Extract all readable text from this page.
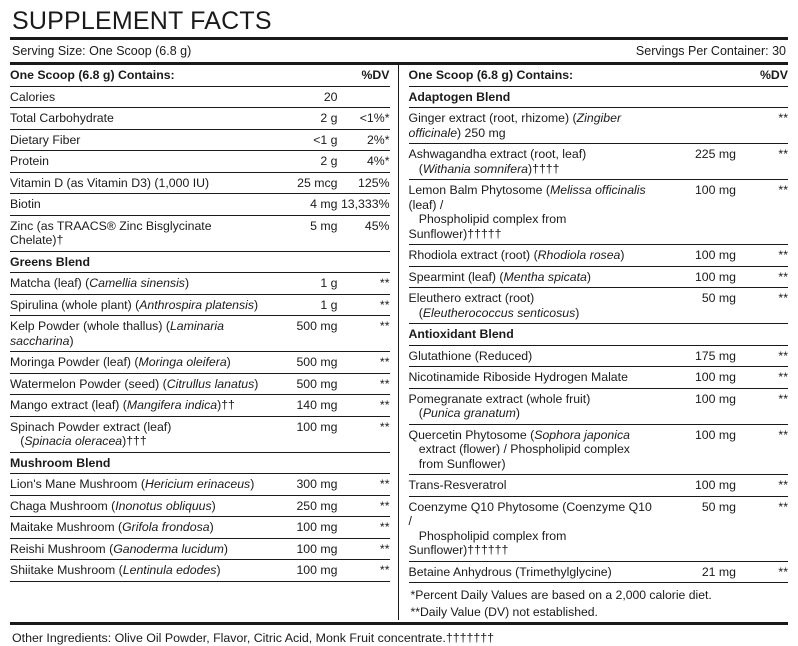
SUPPLEMENT FACTS
Serving Size: One Scoop (6.8 g)	Servings Per Container: 30
One Scoop (6.8 g) Contains:		%DV
Calories	20	
Total Carbohydrate	2 g	<1%*
Dietary Fiber	<1 g	2%*
Protein	2 g	4%*
Vitamin D (as Vitamin D3) (1,000 IU)	25 mcg	125%
Biotin	4 mg	13,333%
Zinc (as TRAACS® Zinc Bisglycinate Chelate)†	5 mg	45%
Greens Blend		
Matcha (leaf) (Camellia sinensis)	1 g	**
Spirulina (whole plant) (Anthrospira platensis)	1 g	**
Kelp Powder (whole thallus) (Laminaria saccharina)	500 mg	**
Moringa Powder (leaf) (Moringa oleifera)	500 mg	**
Watermelon Powder (seed) (Citrullus lanatus)	500 mg	**
Mango extract (leaf) (Mangifera indica)††	140 mg	**
Spinach Powder extract (leaf)
(Spinacia oleracea)†††	100 mg	**
Mushroom Blend		
Lion's Mane Mushroom (Hericium erinaceus)	300 mg	**
Chaga Mushroom (Inonotus obliquus)	250 mg	**
Maitake Mushroom (Grifola frondosa)	100 mg	**
Reishi Mushroom (Ganoderma lucidum)	100 mg	**
Shiitake Mushroom (Lentinula edodes)	100 mg	**
One Scoop (6.8 g) Contains:		%DV
Adaptogen Blend		
Ginger extract (root, rhizome) (Zingiber officinale) 250 mg		**
Ashwagandha extract (root, leaf)
(Withania somnifera)††††	225 mg	**
Lemon Balm Phytosome (Melissa officinalis (leaf) /
Phospholipid complex from Sunflower)†††††	100 mg	**
Rhodiola extract (root) (Rhodiola rosea)	100 mg	**
Spearmint (leaf) (Mentha spicata)	100 mg	**
Eleuthero extract (root)
(Eleutherococcus senticosus)	50 mg	**
Antioxidant Blend		
Glutathione (Reduced)	175 mg	**
Nicotinamide Riboside Hydrogen Malate	100 mg	**
Pomegranate extract (whole fruit)
(Punica granatum)	100 mg	**
Quercetin Phytosome (Sophora japonica
extract (flower) / Phospholipid complex
from Sunflower)	100 mg	**
Trans-Resveratrol	100 mg	**
Coenzyme Q10 Phytosome (Coenzyme Q10 /
Phospholipid complex from Sunflower)††††††	50 mg	**
Betaine Anhydrous (Trimethylglycine)	21 mg	**
*Percent Daily Values are based on a 2,000 calorie diet.
**Daily Value (DV) not established.
Other Ingredients: Olive Oil Powder, Flavor, Citric Acid, Monk Fruit concentrate.†††††††
